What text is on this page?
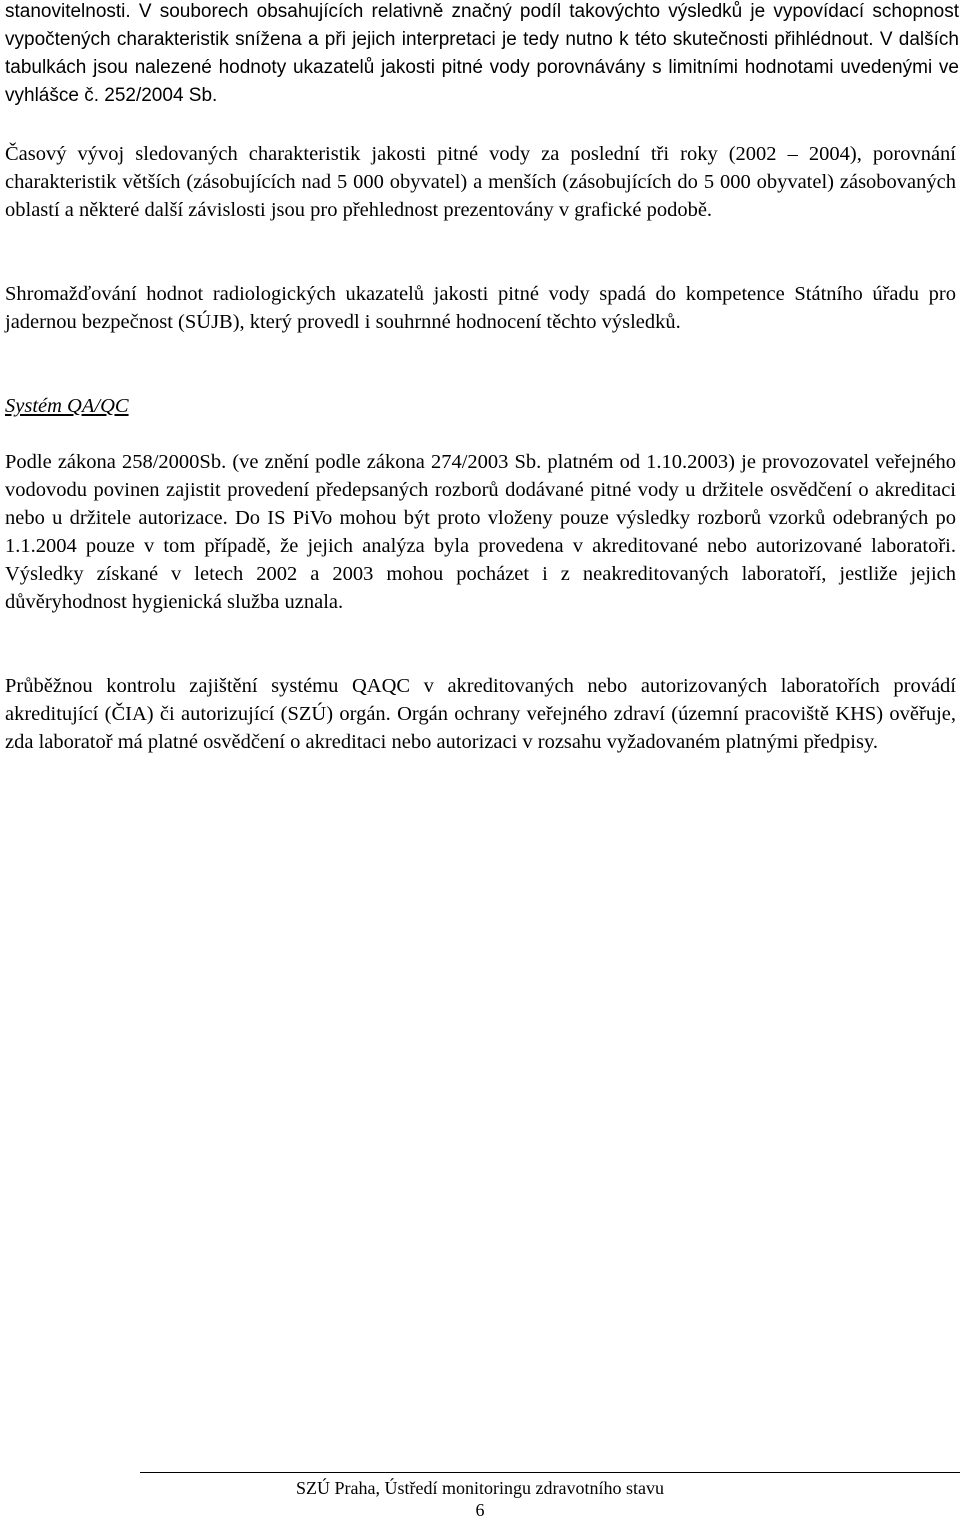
stanovitelnosti. V souborech obsahujících relativně značný podíl takovýchto výsledků je vypovídací schopnost vypočtených charakteristik snížena a při jejich interpretaci je tedy nutno k této skutečnosti přihlédnout. V dalších tabulkách jsou nalezené hodnoty ukazatelů jakosti pitné vody porovnávány s limitními hodnotami uvedenými ve vyhlášce č. 252/2004 Sb.

Časový vývoj sledovaných charakteristik jakosti pitné vody za poslední tři roky (2002 – 2004), porovnání charakteristik větších (zásobujících nad 5 000 obyvatel) a menších (zásobujících do 5 000 obyvatel) zásobovaných oblastí a některé další závislosti jsou pro přehlednost prezentovány v grafické podobě.

Shromažďování hodnot radiologických ukazatelů jakosti pitné vody spadá do kompetence Státního úřadu pro jadernou bezpečnost (SÚJB), který provedl i souhrnné hodnocení těchto výsledků.

Systém QA/QC

Podle zákona 258/2000Sb. (ve znění podle zákona 274/2003 Sb. platném od 1.10.2003) je provozovatel veřejného vodovodu povinen zajistit provedení předepsaných rozborů dodávané pitné vody u držitele osvědčení o akreditaci nebo u držitele autorizace. Do IS PiVo mohou být proto vloženy pouze výsledky rozborů vzorků odebraných po 1.1.2004 pouze v tom případě, že jejich analýza byla provedena v akreditované nebo autorizované laboratoři. Výsledky získané v letech 2002 a 2003 mohou pocházet i z neakreditovaných laboratoří, jestliže jejich důvěryhodnost hygienická služba uznala.

Průběžnou kontrolu zajištění systému QAQC v akreditovaných nebo autorizovaných laboratořích provádí akreditující (ČIA) či autorizující (SZÚ) orgán. Orgán ochrany veřejného zdraví (územní pracoviště KHS) ověřuje, zda laboratoř má platné osvědčení o akreditaci nebo autorizaci v rozsahu vyžadovaném platnými předpisy.

SZÚ Praha, Ústředí monitoringu zdravotního stavu
6
